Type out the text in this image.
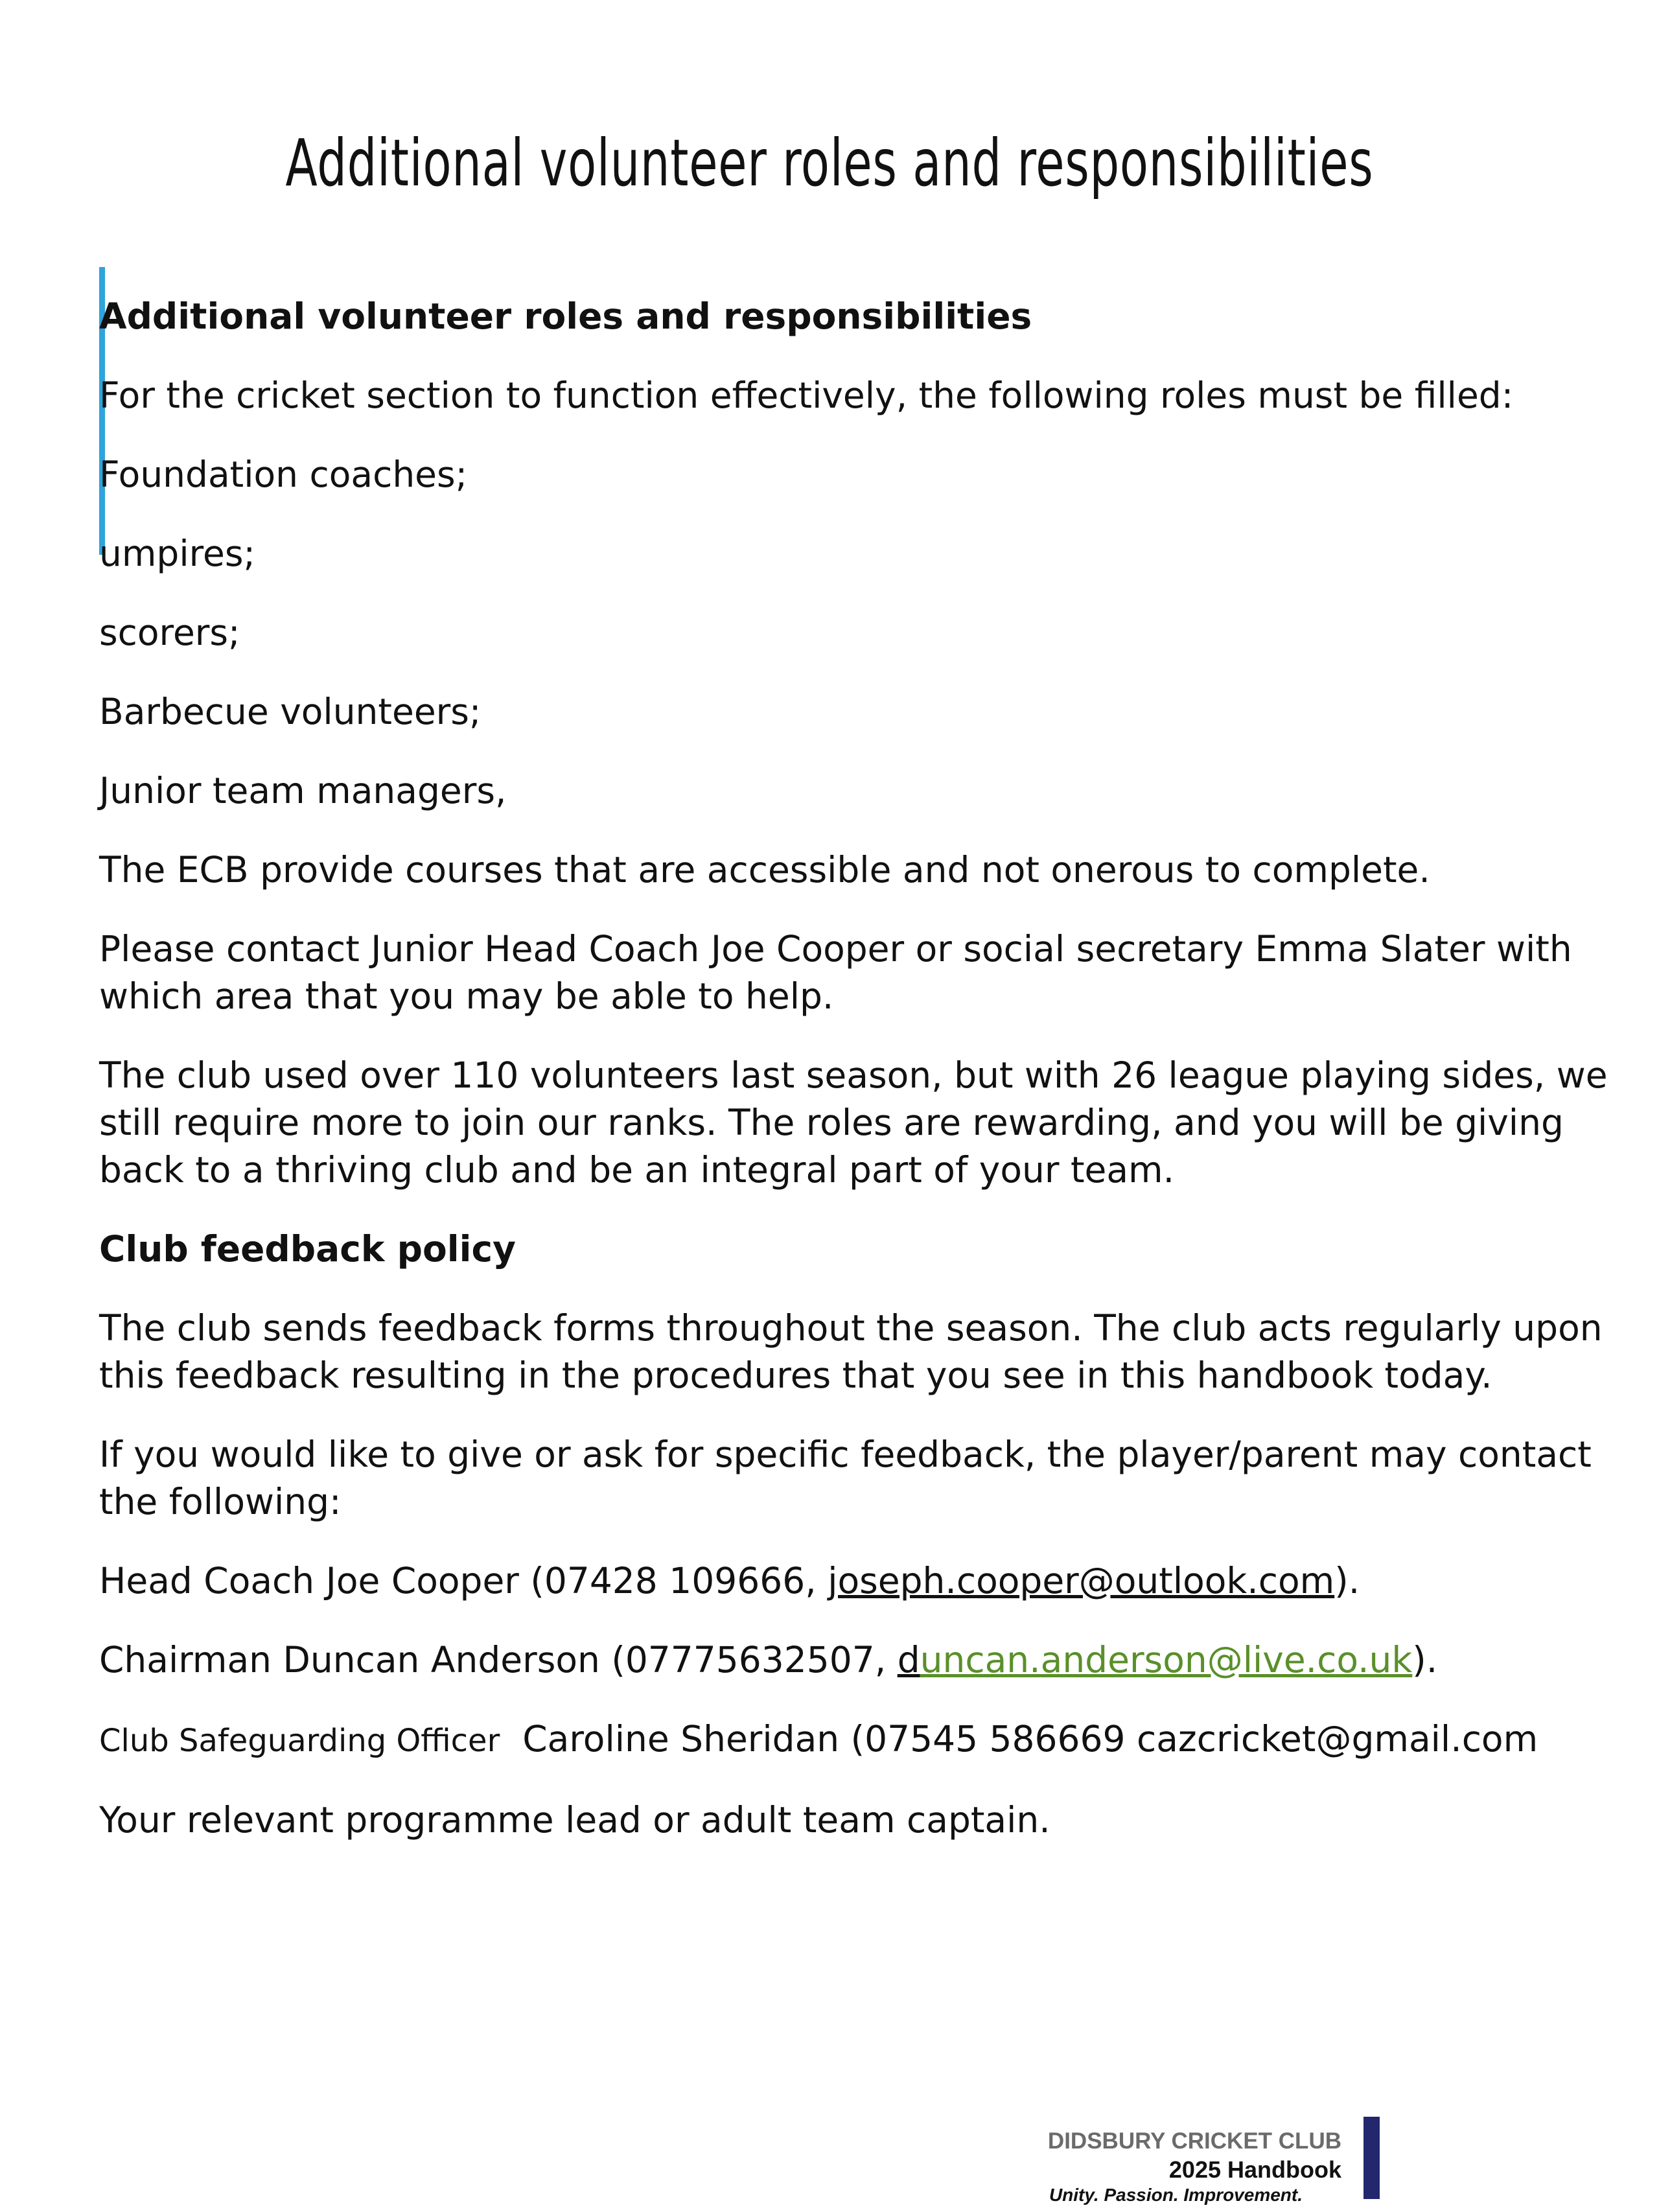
Additional volunteer roles and responsibilities

Additional volunteer roles and responsibilities

For the cricket section to function effectively, the following roles must be filled:

Foundation coaches;

umpires;

scorers;

Barbecue volunteers;

Junior team managers,

The ECB provide courses that are accessible and not onerous to complete.

Please contact Junior Head Coach Joe Cooper or social secretary Emma Slater with which area that you may be able to help.

The club used over 110 volunteers last season, but with 26 league playing sides, we still require more to join our ranks. The roles are rewarding, and you will be giving back to a thriving club and be an integral part of your team.

Club feedback policy

The club sends feedback forms throughout the season. The club acts regularly upon this feedback resulting in the procedures that you see in this handbook today.

If you would like to give or ask for specific feedback, the player/parent may contact the following:

Head Coach Joe Cooper (07428 109666, joseph.cooper@outlook.com).

Chairman Duncan Anderson (07775632507, duncan.anderson@live.co.uk).

Club Safeguarding Officer Caroline Sheridan (07545 586669 cazcricket@gmail.com

Your relevant programme lead or adult team captain.

DIDSBURY CRICKET CLUB
2025 Handbook
Unity. Passion. Improvement.
